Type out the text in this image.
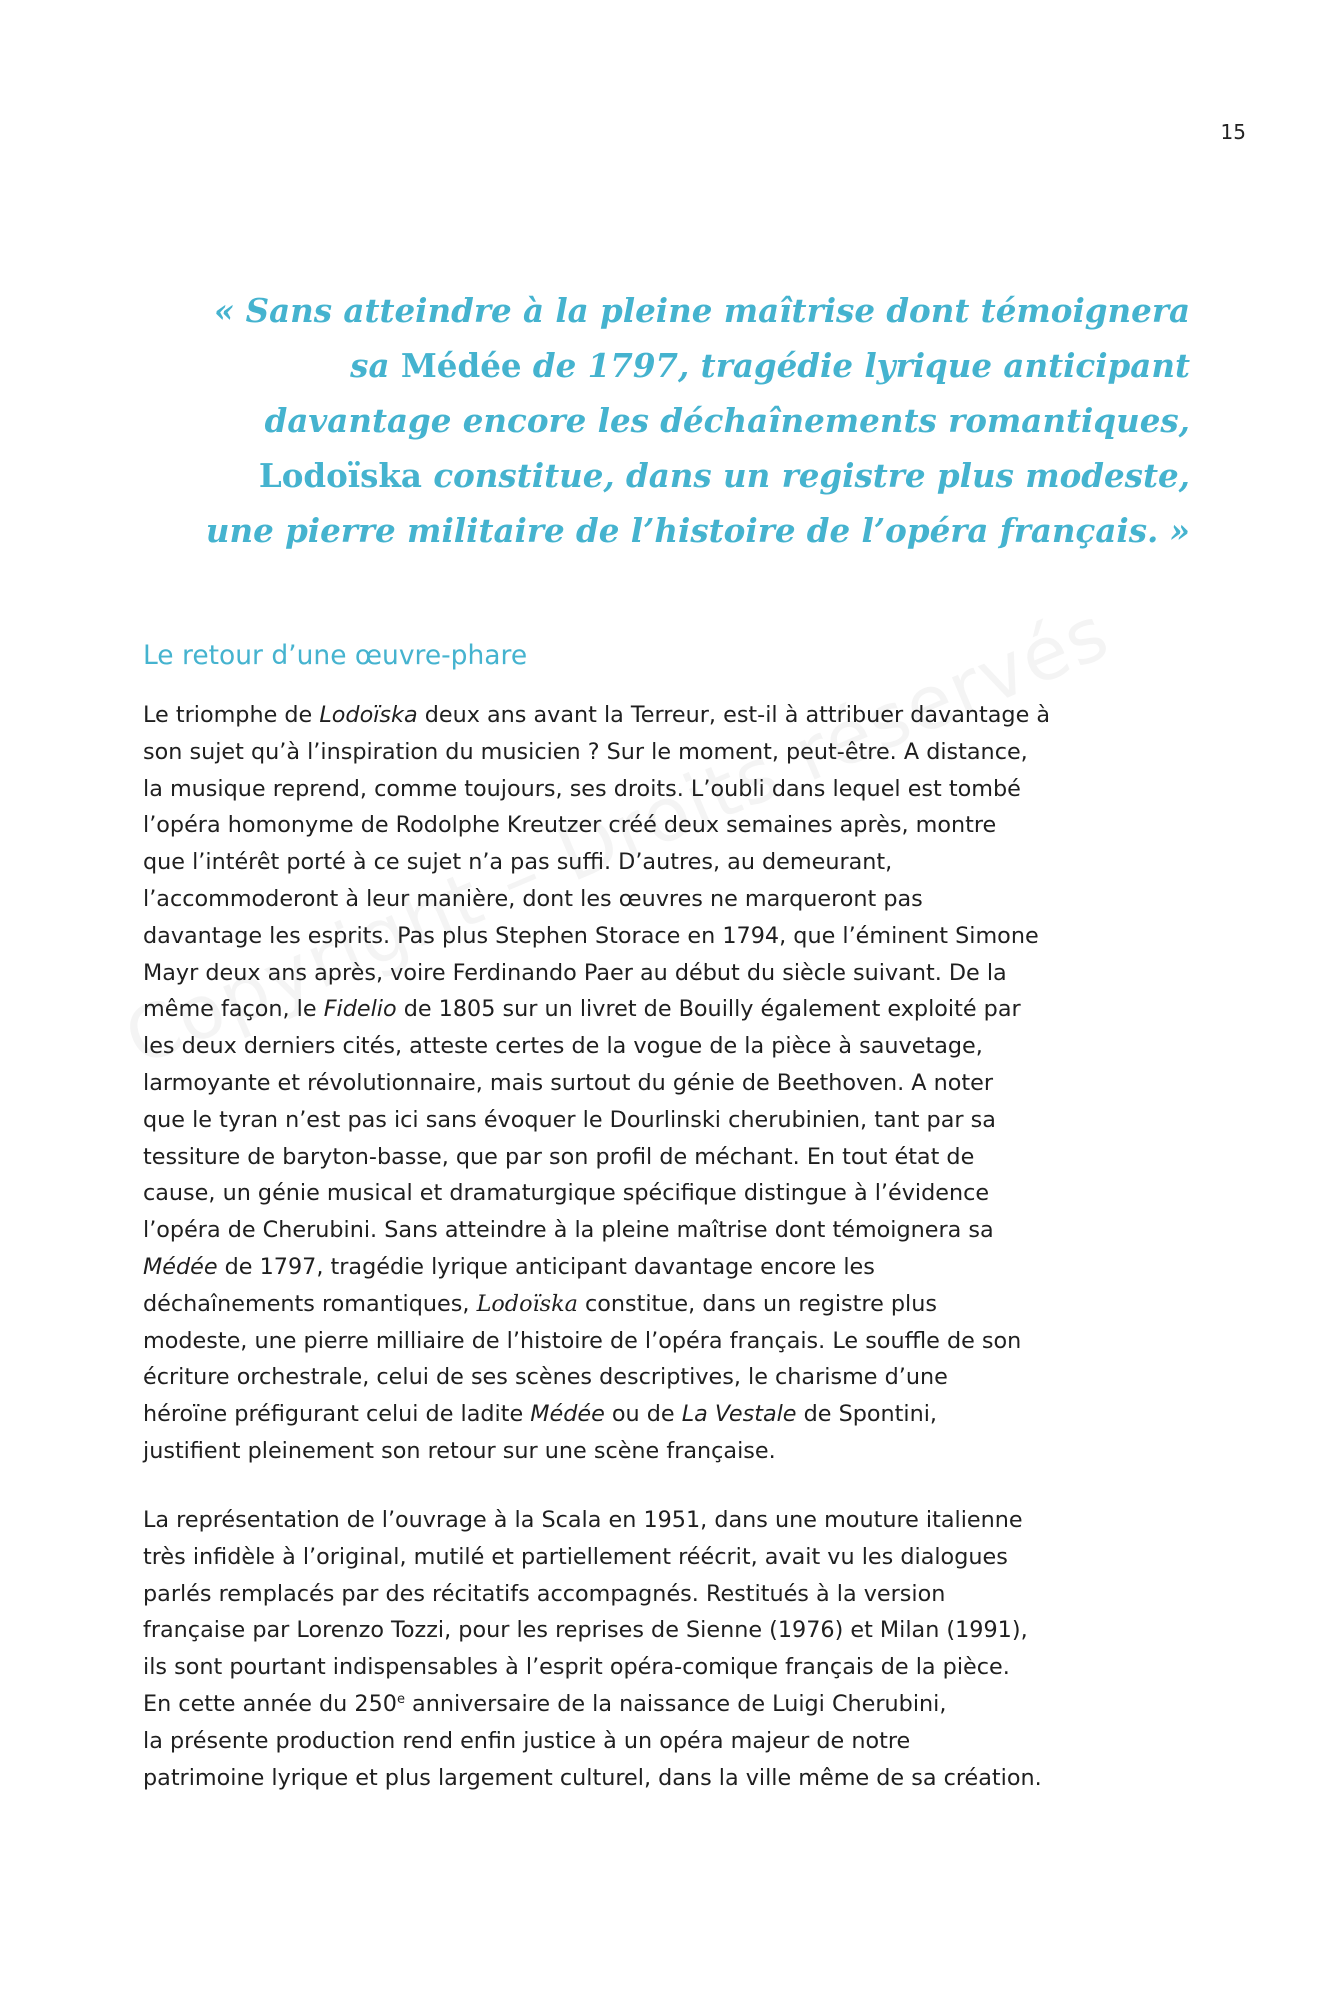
15
« Sans atteindre à la pleine maîtrise dont témoignera
sa Médée de 1797, tragédie lyrique anticipant
davantage encore les déchaînements romantiques,
Lodoïska constitue, dans un registre plus modeste,
une pierre militaire de l’histoire de l’opéra français. »
Le retour d’une œuvre-phare
Le triomphe de Lodoïska deux ans avant la Terreur, est-il à attribuer davantage à
son sujet qu’à l’inspiration du musicien ? Sur le moment, peut-être. A distance,
la musique reprend, comme toujours, ses droits. L’oubli dans lequel est tombé
l’opéra homonyme de Rodolphe Kreutzer créé deux semaines après, montre
que l’intérêt porté à ce sujet n’a pas suffi. D’autres, au demeurant,
l’accommoderont à leur manière, dont les œuvres ne marqueront pas
davantage les esprits. Pas plus Stephen Storace en 1794, que l’éminent Simone
Mayr deux ans après, voire Ferdinando Paer au début du siècle suivant. De la
même façon, le Fidelio de 1805 sur un livret de Bouilly également exploité par
les deux derniers cités, atteste certes de la vogue de la pièce à sauvetage,
larmoyante et révolutionnaire, mais surtout du génie de Beethoven. A noter
que le tyran n’est pas ici sans évoquer le Dourlinski cherubinien, tant par sa
tessiture de baryton-basse, que par son profil de méchant. En tout état de
cause, un génie musical et dramaturgique spécifique distingue à l’évidence
l’opéra de Cherubini. Sans atteindre à la pleine maîtrise dont témoignera sa
Médée de 1797, tragédie lyrique anticipant davantage encore les
déchaînements romantiques, Lodoïska constitue, dans un registre plus
modeste, une pierre milliaire de l’histoire de l’opéra français. Le souffle de son
écriture orchestrale, celui de ses scènes descriptives, le charisme d’une
héroïne préfigurant celui de ladite Médée ou de La Vestale de Spontini,
justifient pleinement son retour sur une scène française.
La représentation de l’ouvrage à la Scala en 1951, dans une mouture italienne
très infidèle à l’original, mutilé et partiellement réécrit, avait vu les dialogues
parlés remplacés par des récitatifs accompagnés. Restitués à la version
française par Lorenzo Tozzi, pour les reprises de Sienne (1976) et Milan (1991),
ils sont pourtant indispensables à l’esprit opéra-comique français de la pièce.
En cette année du 250e anniversaire de la naissance de Luigi Cherubini,
la présente production rend enfin justice à un opéra majeur de notre
patrimoine lyrique et plus largement culturel, dans la ville même de sa création.
